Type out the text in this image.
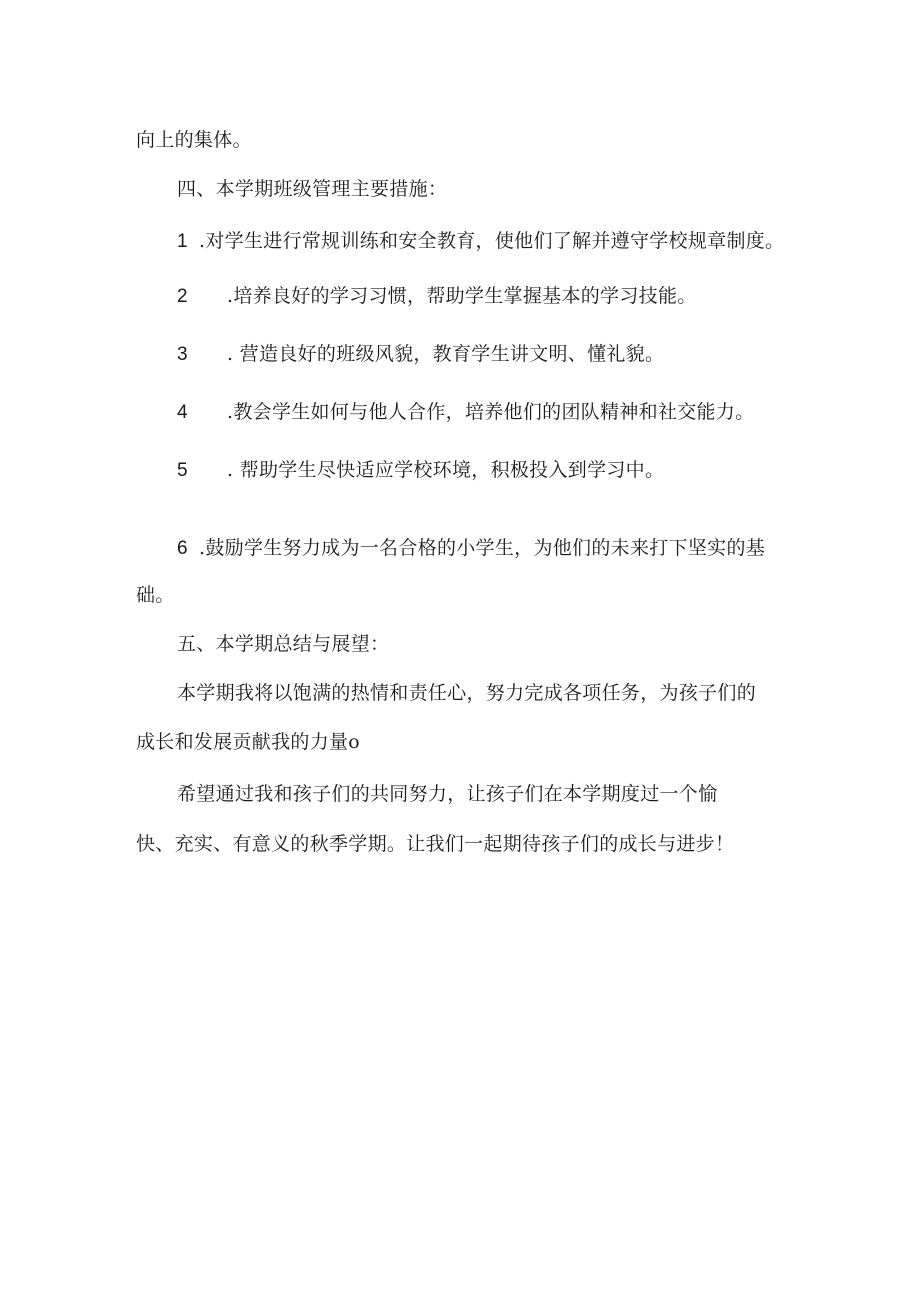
向上的集体。
四、本学期班级管理主要措施：
1 .对学生进行常规训练和安全教育，使他们了解并遵守学校规章制度。
2 .培养良好的学习习惯，帮助学生掌握基本的学习技能。
3 . 营造良好的班级风貌，教育学生讲文明、懂礼貌。
4 .教会学生如何与他人合作，培养他们的团队精神和社交能力。
5 . 帮助学生尽快适应学校环境，积极投入到学习中。
6 .鼓励学生努力成为一名合格的小学生，为他们的未来打下坚实的基
础。
五、本学期总结与展望：
本学期我将以饱满的热情和责任心，努力完成各项任务，为孩子们的
成长和发展贡献我的力量o
希望通过我和孩子们的共同努力，让孩子们在本学期度过一个愉
快、充实、有意义的秋季学期。让我们一起期待孩子们的成长与进步！
